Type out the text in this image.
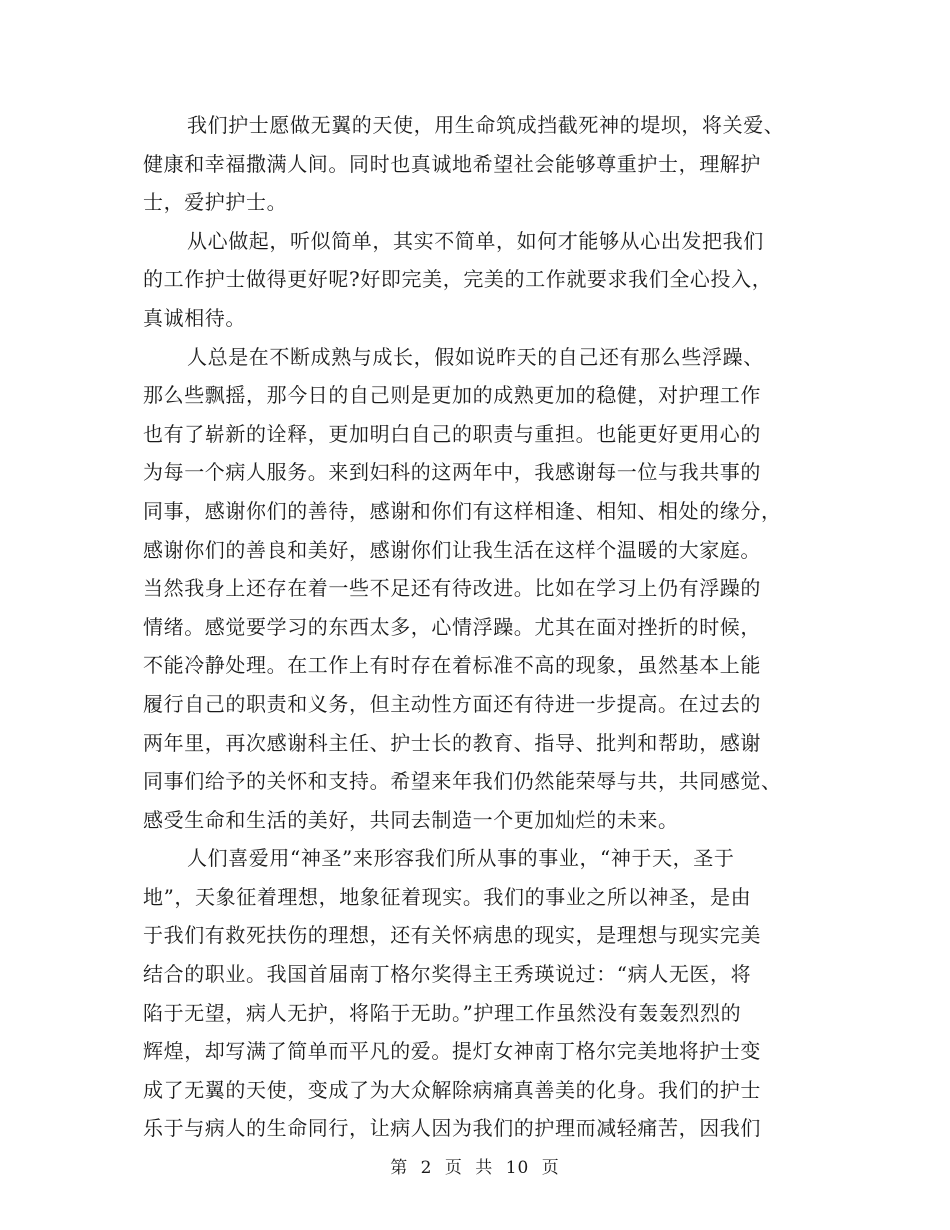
我们护士愿做无翼的天使，用生命筑成挡截死神的堤坝，将关爱、
健康和幸福撒满人间。同时也真诚地希望社会能够尊重护士，理解护
士，爱护护士。
从心做起，听似简单，其实不简单，如何才能够从心出发把我们
的工作护士做得更好呢?好即完美，完美的工作就要求我们全心投入，
真诚相待。
人总是在不断成熟与成长，假如说昨天的自己还有那么些浮躁、
那么些飘摇，那今日的自己则是更加的成熟更加的稳健，对护理工作
也有了崭新的诠释，更加明白自己的职责与重担。也能更好更用心的
为每一个病人服务。来到妇科的这两年中，我感谢每一位与我共事的
同事，感谢你们的善待，感谢和你们有这样相逢、相知、相处的缘分，
感谢你们的善良和美好，感谢你们让我生活在这样个温暖的大家庭。
当然我身上还存在着一些不足还有待改进。比如在学习上仍有浮躁的
情绪。感觉要学习的东西太多，心情浮躁。尤其在面对挫折的时候，
不能冷静处理。在工作上有时存在着标准不高的现象，虽然基本上能
履行自己的职责和义务，但主动性方面还有待进一步提高。在过去的
两年里，再次感谢科主任、护士长的教育、指导、批判和帮助，感谢
同事们给予的关怀和支持。希望来年我们仍然能荣辱与共，共同感觉、
感受生命和生活的美好，共同去制造一个更加灿烂的未来。
人们喜爱用“神圣”来形容我们所从事的事业，“神于天，圣于
地”，天象征着理想，地象征着现实。我们的事业之所以神圣，是由
于我们有救死扶伤的理想，还有关怀病患的现实，是理想与现实完美
结合的职业。我国首届南丁格尔奖得主王秀瑛说过：“病人无医，将
陷于无望，病人无护，将陷于无助。”护理工作虽然没有轰轰烈烈的
辉煌，却写满了简单而平凡的爱。提灯女神南丁格尔完美地将护士变
成了无翼的天使，变成了为大众解除病痛真善美的化身。我们的护士
乐于与病人的生命同行，让病人因为我们的护理而减轻痛苦，因我们
第 2 页 共 10 页
